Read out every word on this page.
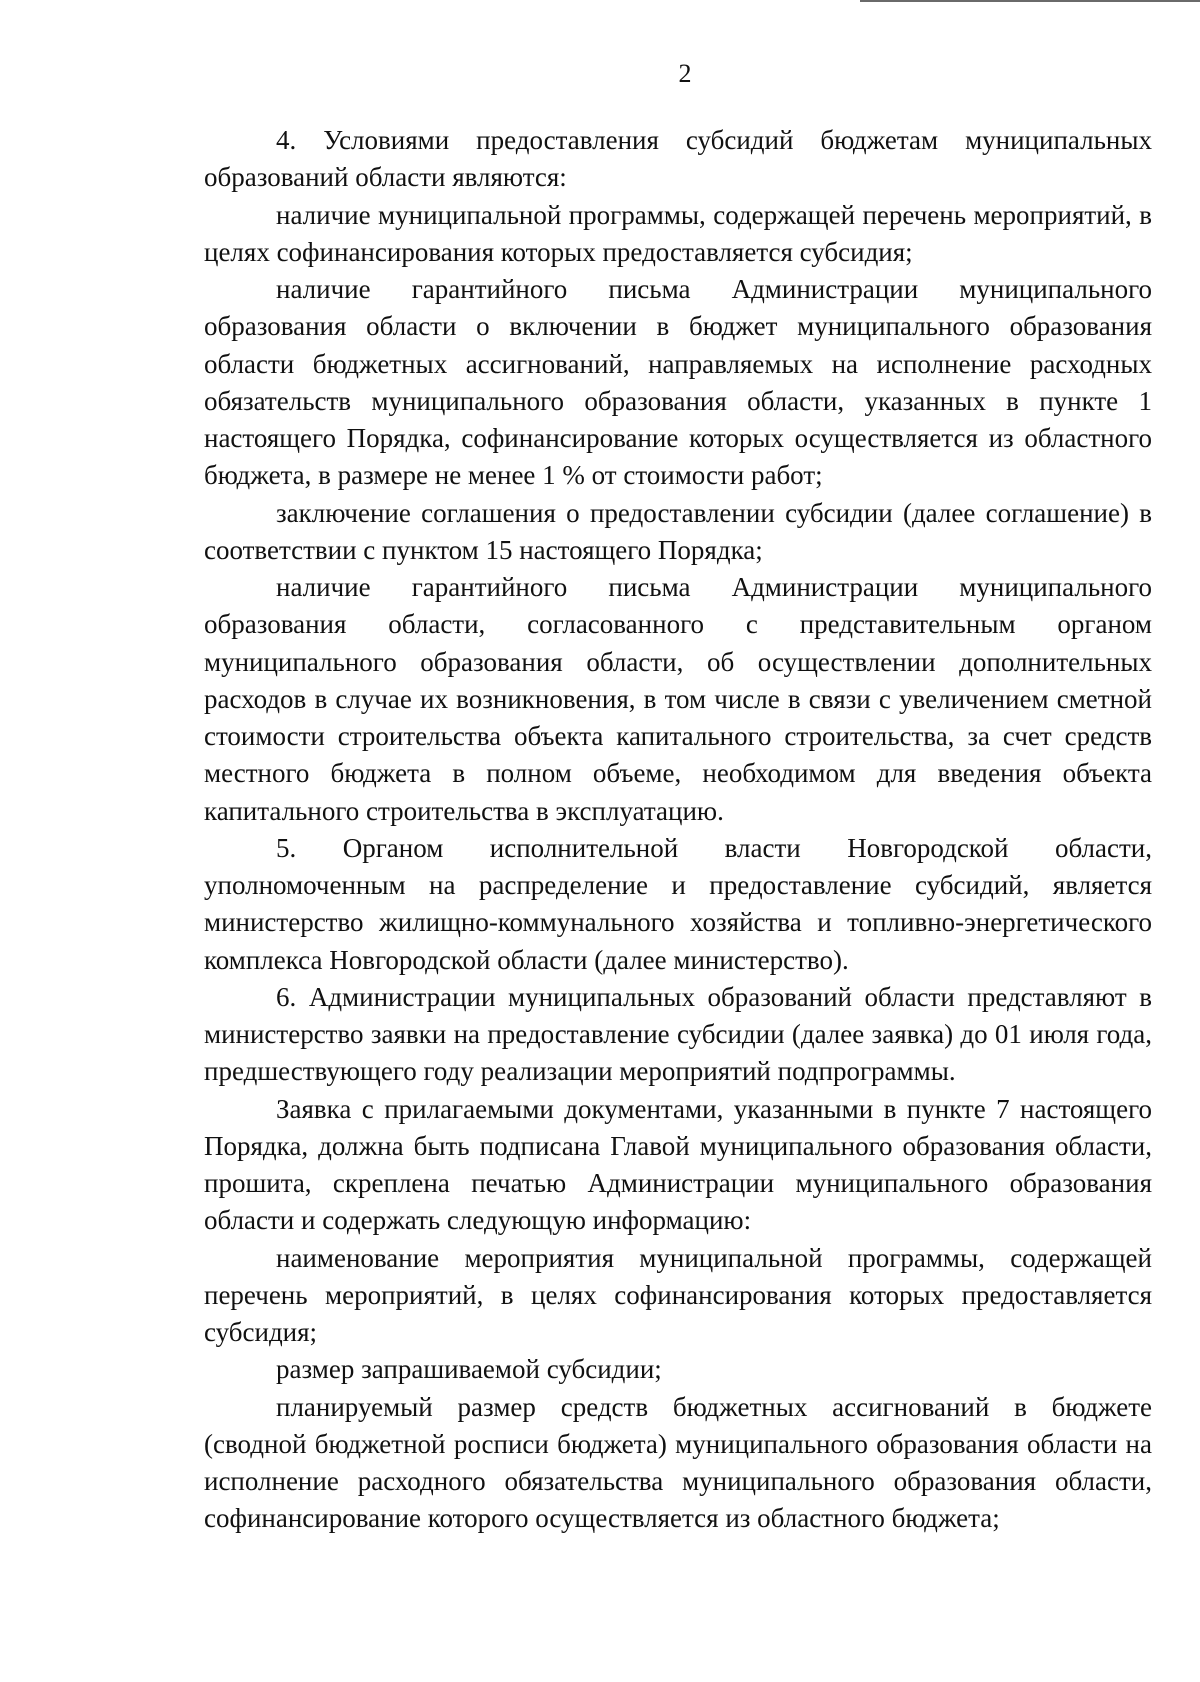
2

4. Условиями предоставления субсидий бюджетам муниципальных образований области являются:

наличие муниципальной программы, содержащей перечень мероприятий, в целях софинансирования которых предоставляется субсидия;

наличие гарантийного письма Администрации муниципального образования области о включении в бюджет муниципального образования области бюджетных ассигнований, направляемых на исполнение расходных обязательств муниципального образования области, указанных в пункте 1 настоящего Порядка, софинансирование которых осуществляется из областного бюджета, в размере не менее 1 % от стоимости работ;

заключение соглашения о предоставлении субсидии (далее соглашение) в соответствии с пунктом 15 настоящего Порядка;

наличие гарантийного письма Администрации муниципального образования области, согласованного с представительным органом муниципального образования области, об осуществлении дополнительных расходов в случае их возникновения, в том числе в связи с увеличением сметной стоимости строительства объекта капитального строительства, за счет средств местного бюджета в полном объеме, необходимом для введения объекта капитального строительства в эксплуатацию.

5. Органом исполнительной власти Новгородской области, уполномоченным на распределение и предоставление субсидий, является министерство жилищно-коммунального хозяйства и топливно-энергетического комплекса Новгородской области (далее министерство).

6. Администрации муниципальных образований области представляют в министерство заявки на предоставление субсидии (далее заявка) до 01 июля года, предшествующего году реализации мероприятий подпрограммы.

Заявка с прилагаемыми документами, указанными в пункте 7 настоящего Порядка, должна быть подписана Главой муниципального образования области, прошита, скреплена печатью Администрации муниципального образования области и содержать следующую информацию:

наименование мероприятия муниципальной программы, содержащей перечень мероприятий, в целях софинансирования которых предоставляется субсидия;

размер запрашиваемой субсидии;

планируемый размер средств бюджетных ассигнований в бюджете (сводной бюджетной росписи бюджета) муниципального образования области на исполнение расходного обязательства муниципального образования области, софинансирование которого осуществляется из областного бюджета;
